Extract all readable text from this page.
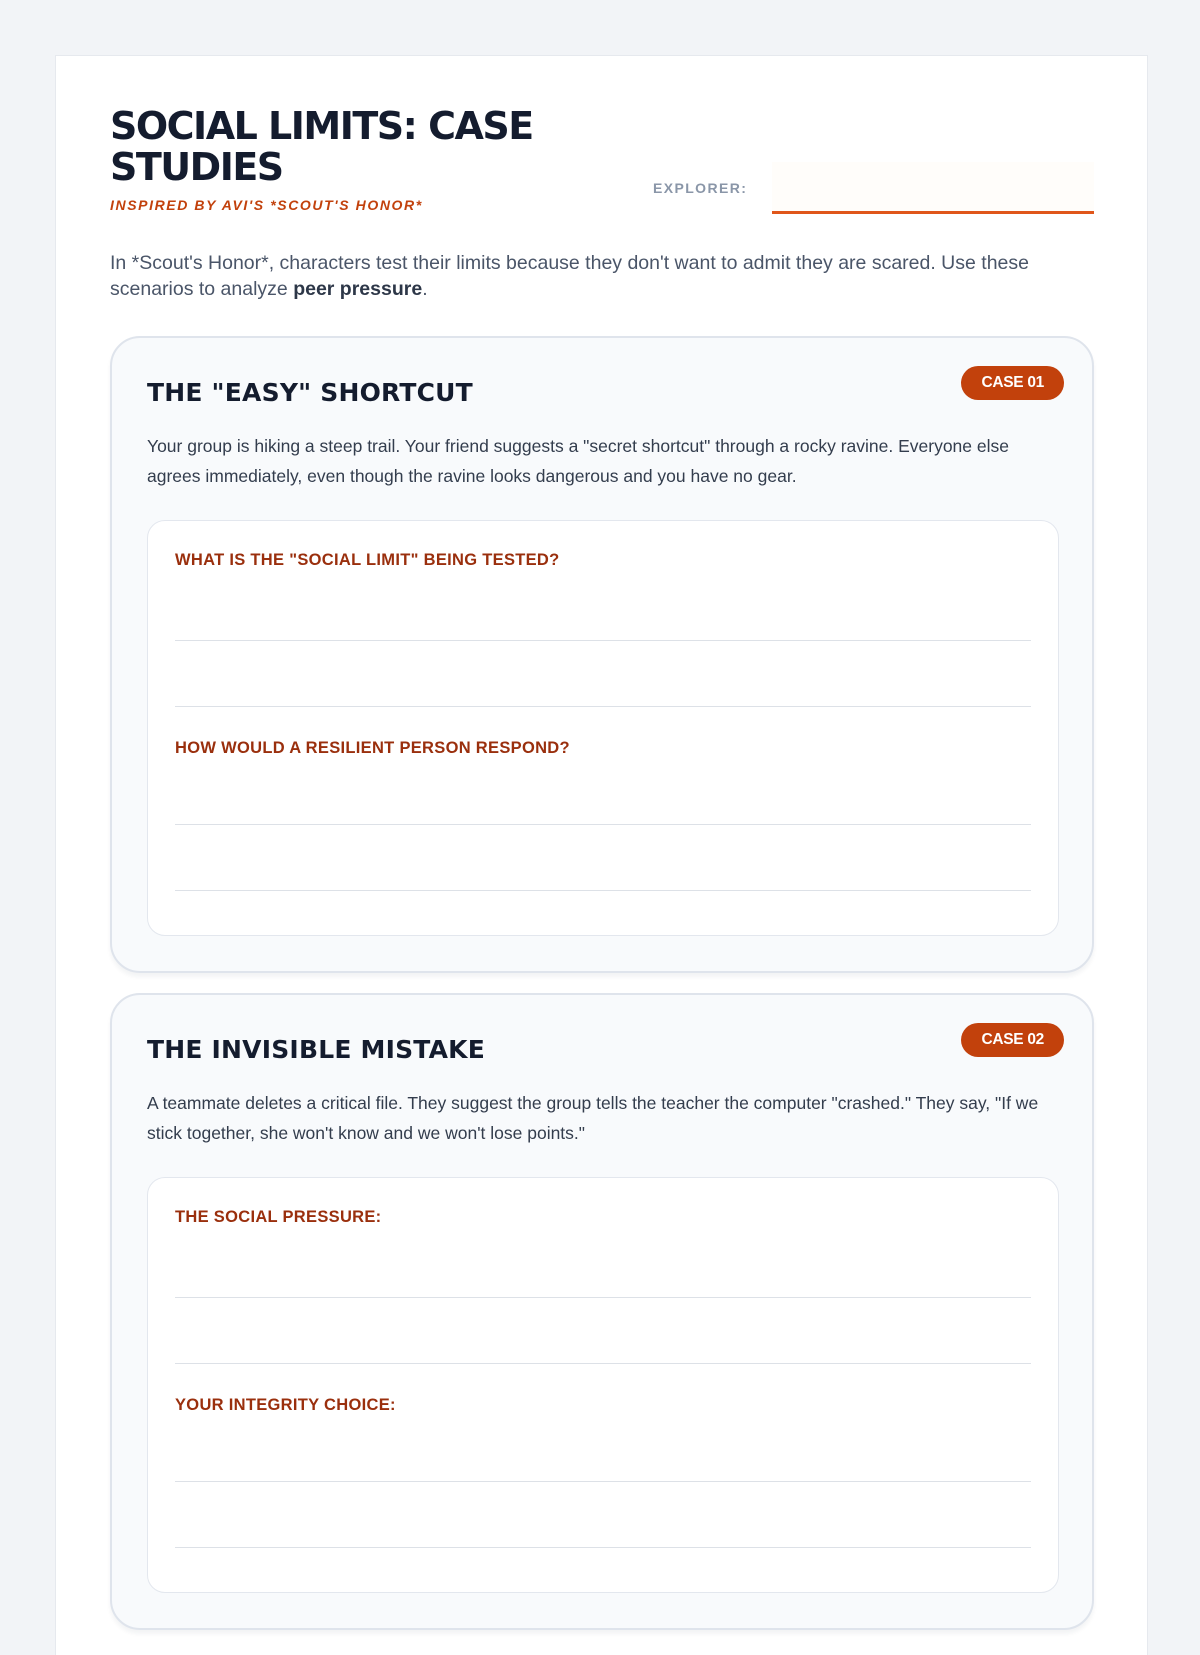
SOCIAL LIMITS: CASE STUDIES
INSPIRED BY AVI'S *SCOUT'S HONOR*
EXPLORER:

In *Scout's Honor*, characters test their limits because they don't want to admit they are scared. Use these scenarios to analyze peer pressure.

THE "EASY" SHORTCUT	CASE 01

Your group is hiking a steep trail. Your friend suggests a "secret shortcut" through a rocky ravine. Everyone else agrees immediately, even though the ravine looks dangerous and you have no gear.

WHAT IS THE "SOCIAL LIMIT" BEING TESTED?
HOW WOULD A RESILIENT PERSON RESPOND?
THE INVISIBLE MISTAKE	CASE 02

A teammate deletes a critical file. They suggest the group tells the teacher the computer "crashed." They say, "If we stick together, she won't know and we won't lose points."

THE SOCIAL PRESSURE:
YOUR INTEGRITY CHOICE:
